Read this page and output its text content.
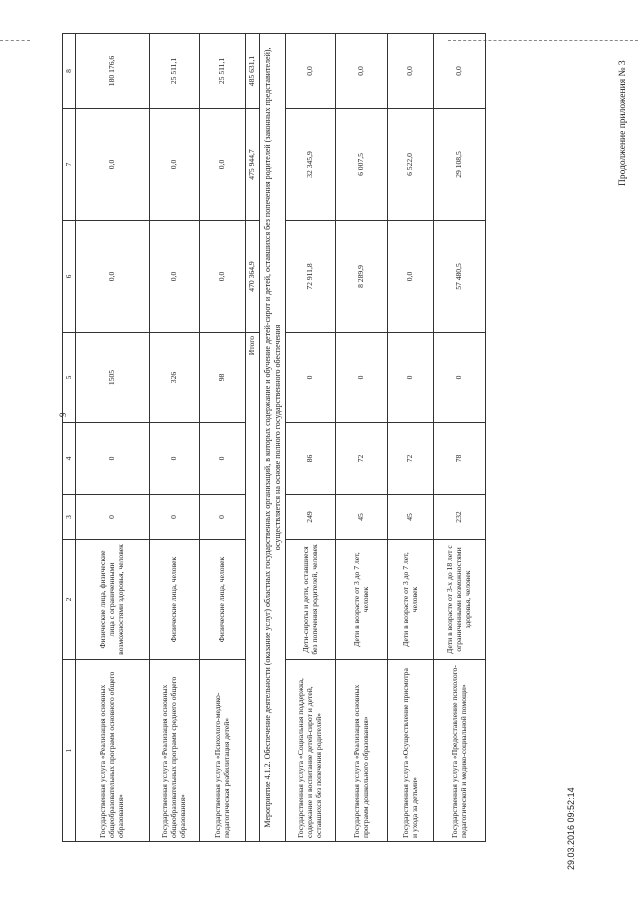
Продолжение приложения № 3
9
29.03.2016 09:52:14
1	2	3	4	5	6	7	8
Государственная услуга «Реализация основных общеобразовательных программ основного общего образования»	Физические лица, физические лица с ограниченными возможностями здоровья, человек	0	0	1505	0,0	0,0	180 176,6
Государственная услуга «Реализация основных общеобразовательных программ среднего общего образования»	Физические лица, человек	0	0	326	0,0	0,0	25 511,1
Государственная услуга «Психолого-медико-педагогическая реабилитация детей»	Физические лица, человек	0	0	98	0,0	0,0	25 511,1
Итого					470 364,9	475 944,7	485 631,1
Мероприятие 4.1.2. Обеспечение деятельности (оказание услуг) областных государственных организаций, в которых содержание и обучение детей-сирот и детей, оставшихся без попечения родителей (законных представителей), осуществляется на основе полного государственного обеспечения							
Государственная услуга «Социальная поддержка, содержание и воспитание детей-сирот и детей, оставшихся без попечения родителей»	Дети-сироты и дети, оставшиеся без попечения родителей, человек	249	86	0	72 911,8	32 345,9	0,0
Государственная услуга «Реализация основных программ дошкольного образования»	Дети в возрасте от 3 до 7 лет, человек	45	72	0	8 289,9	6 007,5	0,0
Государственная услуга «Осуществление присмотра и ухода за детьми»	Дети в возрасте от 3 до 7 лет, человек	45	72	0	0,0	6 522,0	0,0
Государственная услуга «Предоставление психолого-педагогической и медико-социальной помощи»	Дети в возрасте от 3-х до 18 лет с ограниченными возможностями здоровья, человек	232	78	0	57 480,5	29 108,5	0,0
